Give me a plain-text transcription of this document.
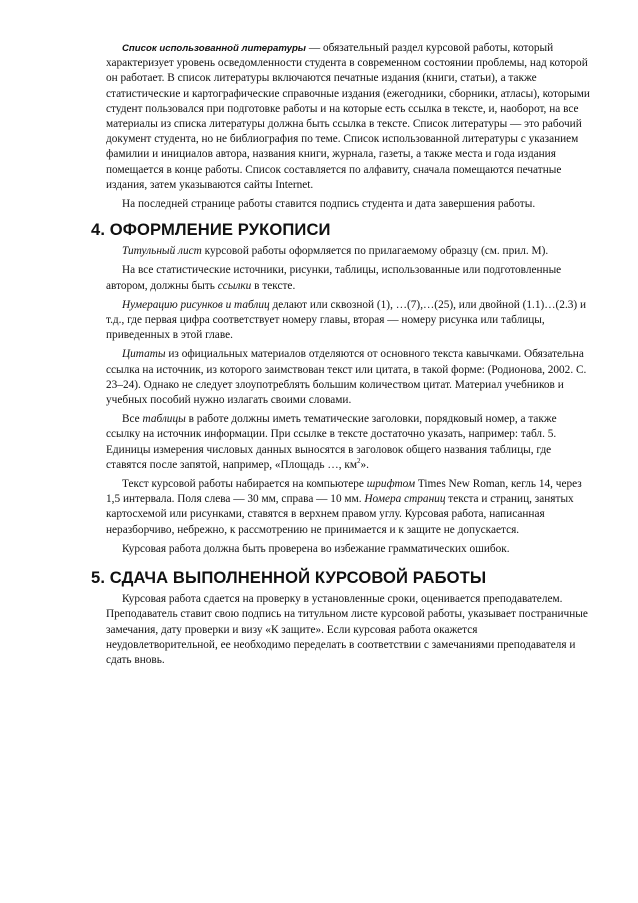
Список использованной литературы — обязательный раздел курсовой работы, который характеризует уровень осведомленности студента в современном состоянии проблемы, над которой он работает. В список литературы включаются печатные издания (книги, статьи), а также статистические и картографические справочные издания (ежегодники, сборники, атласы), которыми студент пользовался при подготовке работы и на которые есть ссылка в тексте, и, наоборот, на все материалы из списка литературы должна быть ссылка в тексте. Список литературы — это рабочий документ студента, но не библиография по теме. Список использованной литературы с указанием фамилии и инициалов автора, названия книги, журнала, газеты, а также места и года издания помещается в конце работы. Список составляется по алфавиту, сначала помещаются печатные издания, затем указываются сайты Internet.

На последней странице работы ставится подпись студента и дата завершения работы.

4. ОФОРМЛЕНИЕ РУКОПИСИ

Титульный лист курсовой работы оформляется по прилагаемому образцу (см. прил. М).

На все статистические источники, рисунки, таблицы, использованные или подготовленные автором, должны быть ссылки в тексте.

Нумерацию рисунков и таблиц делают или сквозной (1), …(7),…(25), или двойной (1.1)…(2.3) и т.д., где первая цифра соответствует номеру главы, вторая — номеру рисунка или таблицы, приведенных в этой главе.

Цитаты из официальных материалов отделяются от основного текста кавычками. Обязательна ссылка на источник, из которого заимствован текст или цитата, в такой форме: (Родионова, 2002. С. 23–24). Однако не следует злоупотреблять большим количеством цитат. Материал учебников и учебных пособий нужно излагать своими словами.

Все таблицы в работе должны иметь тематические заголовки, порядковый номер, а также ссылку на источник информации. При ссылке в тексте достаточно указать, например: табл. 5. Единицы измерения числовых данных выносятся в заголовок общего названия таблицы, где ставятся после запятой, например, «Площадь …, $км^2$».

Текст курсовой работы набирается на компьютере шрифтом Times New Roman, кегль 14, через 1,5 интервала. Поля слева — 30 мм, справа — 10 мм. Номера страниц текста и страниц, занятых картосхемой или рисунками, ставятся в верхнем правом углу. Курсовая работа, написанная неразборчиво, небрежно, к рассмотрению не принимается и к защите не допускается.

Курсовая работа должна быть проверена во избежание грамматических ошибок.

5. СДАЧА ВЫПОЛНЕННОЙ КУРСОВОЙ РАБОТЫ

Курсовая работа сдается на проверку в установленные сроки, оценивается преподавателем. Преподаватель ставит свою подпись на титульном листе курсовой работы, указывает постраничные замечания, дату проверки и визу «К защите». Если курсовая работа окажется неудовлетворительной, ее необходимо переделать в соответствии с замечаниями преподавателя и сдать вновь.
